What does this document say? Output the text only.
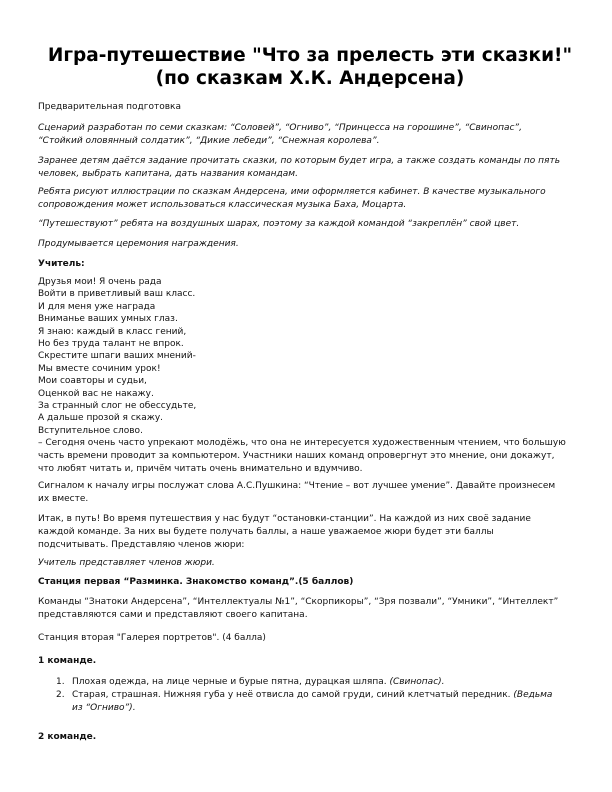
Игра-путешествие "Что за прелесть эти сказки!" (по сказкам Х.К. Андерсена)

Предварительная подготовка

Сценарий разработан по семи сказкам: “Соловей”, “Огниво”, “Принцесса на горошине”, “Свинопас”, “Стойкий оловянный солдатик”, “Дикие лебеди”, “Снежная королева”.

Заранее детям даётся задание прочитать сказки, по которым будет игра, а также создать команды по пять человек, выбрать капитана, дать названия командам.

Ребята рисуют иллюстрации по сказкам Андерсена, ими оформляется кабинет. В качестве музыкального сопровождения может использоваться классическая музыка Баха, Моцарта.

“Путешествуют” ребята на воздушных шарах, поэтому за каждой командой “закреплён” свой цвет.

Продумывается церемония награждения.

Учитель:

Друзья мои! Я очень рада
Войти в приветливый ваш класс.
И для меня уже награда
Вниманье ваших умных глаз.
Я знаю: каждый в класс гений,
Но без труда талант не впрок.
Скрестите шпаги ваших мнений-
Мы вместе сочиним урок!
Мои соавторы и судьи,
Оценкой вас не накажу.
За странный слог не обессудьте,
А дальше прозой я скажу.
Вступительное слово.

– Сегодня очень часто упрекают молодёжь, что она не интересуется художественным чтением, что большую часть времени проводит за компьютером. Участники наших команд опровергнут это мнение, они докажут, что любят читать и, причём читать очень внимательно и вдумчиво.

Сигналом к началу игры послужат слова А.С.Пушкина: “Чтение – вот лучшее умение”. Давайте произнесем их вместе.

Итак, в путь! Во время путешествия у нас будут “остановки-станции”. На каждой из них своё задание каждой команде. За них вы будете получать баллы, а наше уважаемое жюри будет эти баллы подсчитывать. Представляю членов жюри:

Учитель представляет членов жюри.

Станция первая “Разминка. Знакомство команд”.(5 баллов)

Команды “Знатоки Андерсена”, “Интеллектуалы №1”, “Скорпикоры”, “Зря позвали”, “Умники”, “Интеллект” представляются сами и представляют своего капитана.

Станция вторая "Галерея портретов". (4 балла)

1 команде.

1. Плохая одежда, на лице черные и бурые пятна, дурацкая шляпа. (Свинопас).
2. Старая, страшная. Нижняя губа у неё отвисла до самой груди, синий клетчатый передник. (Ведьма из “Огниво”).

2 команде.
